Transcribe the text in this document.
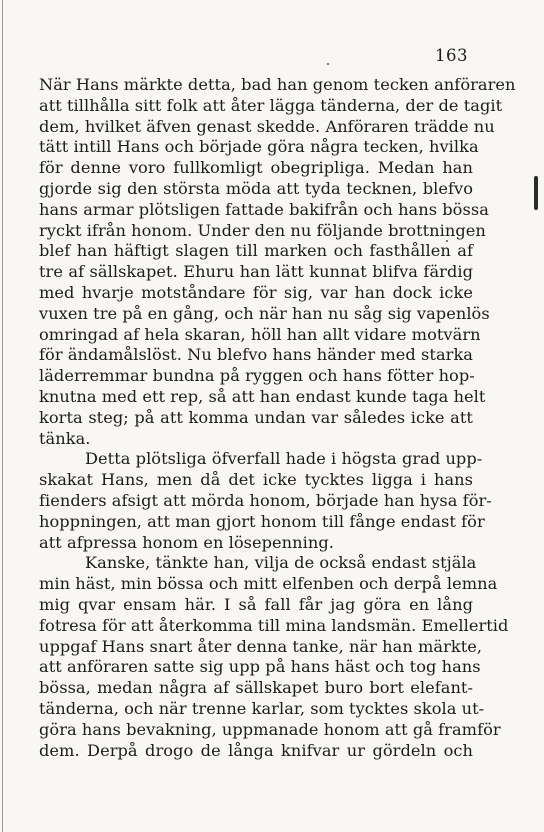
163
När Hans märkte detta, bad han genom tecken anföraren
att tillhålla sitt folk att åter lägga tänderna, der de tagit
dem, hvilket äfven genast skedde. Anföraren trädde nu
tätt intill Hans och började göra några tecken, hvilka
för denne voro fullkomligt obegripliga. Medan han
gjorde sig den största möda att tyda tecknen, blefvo
hans armar plötsligen fattade bakifrån och hans bössa
ryckt ifrån honom. Under den nu följande brottningen
blef han häftigt slagen till marken och fasthållen af
tre af sällskapet. Ehuru han lätt kunnat blifva färdig
med hvarje motståndare för sig, var han dock icke
vuxen tre på en gång, och när han nu såg sig vapenlös
omringad af hela skaran, höll han allt vidare motvärn
för ändamålslöst. Nu blefvo hans händer med starka
läderremmar bundna på ryggen och hans fötter hop-
knutna med ett rep, så att han endast kunde taga helt
korta steg; på att komma undan var således icke att
tänka.
Detta plötsliga öfverfall hade i högsta grad upp-
skakat Hans, men då det icke tycktes ligga i hans
fienders afsigt att mörda honom, började han hysa för-
hoppningen, att man gjort honom till fånge endast för
att afpressa honom en lösepenning.
Kanske, tänkte han, vilja de också endast stjäla
min häst, min bössa och mitt elfenben och derpå lemna
mig qvar ensam här. I så fall får jag göra en lång
fotresa för att återkomma till mina landsmän. Emellertid
uppgaf Hans snart åter denna tanke, när han märkte,
att anföraren satte sig upp på hans häst och tog hans
bössa, medan några af sällskapet buro bort elefant-
tänderna, och när trenne karlar, som tycktes skola ut-
göra hans bevakning, uppmanade honom att gå framför
dem. Derpå drogo de långa knifvar ur gördeln och
